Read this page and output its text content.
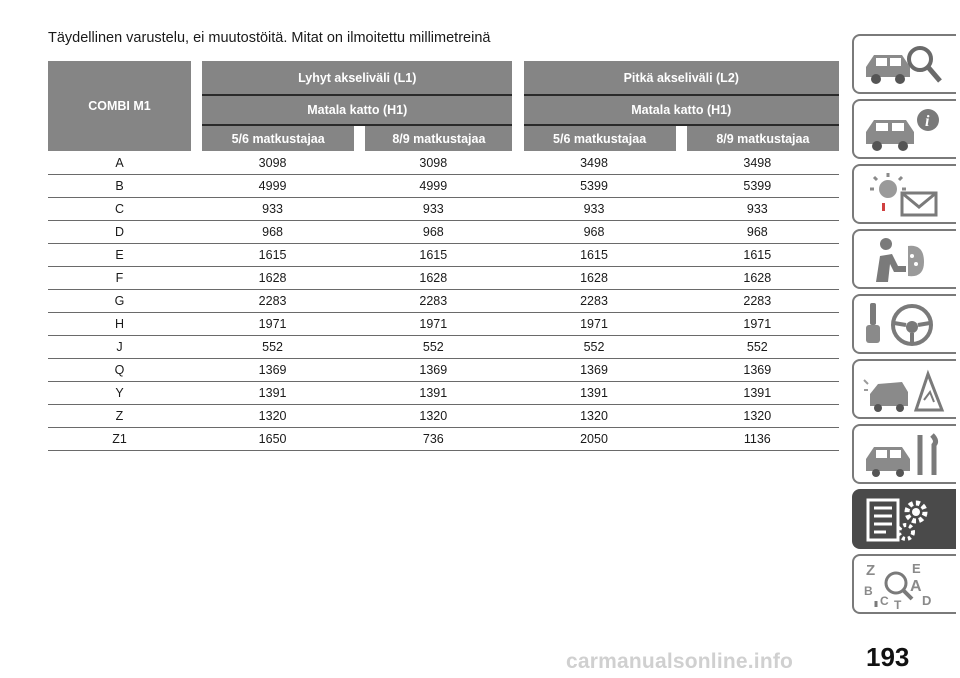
Täydellinen varustelu, ei muutostöitä. Mitat on ilmoitettu millimetreinä

COMBI M1		Lyhyt akseliväli (L1)				Pitkä akseliväli (L2)		
		Matala katto (H1)				Matala katto (H1)		
		5/6 matkustajaa		8/9 matkustajaa		5/6 matkustajaa		8/9 matkustajaa
A	3098		3098		3498		3498	
B	4999		4999		5399		5399	
C	933		933		933		933	
D	968		968		968		968	
E	1615		1615		1615		1615	
F	1628		1628		1628		1628	
G	2283		2283		2283		2283	
H	1971		1971		1971		1971	
J	552		552		552		552	
Q	1369		1369		1369		1369	
Y	1391		1391		1391		1391	
Z	1320		1320		1320		1320	
Z1	1650		736		2050		1136	
i
Z	E
A
B
C	D
T
carmanualsonline.info	193
